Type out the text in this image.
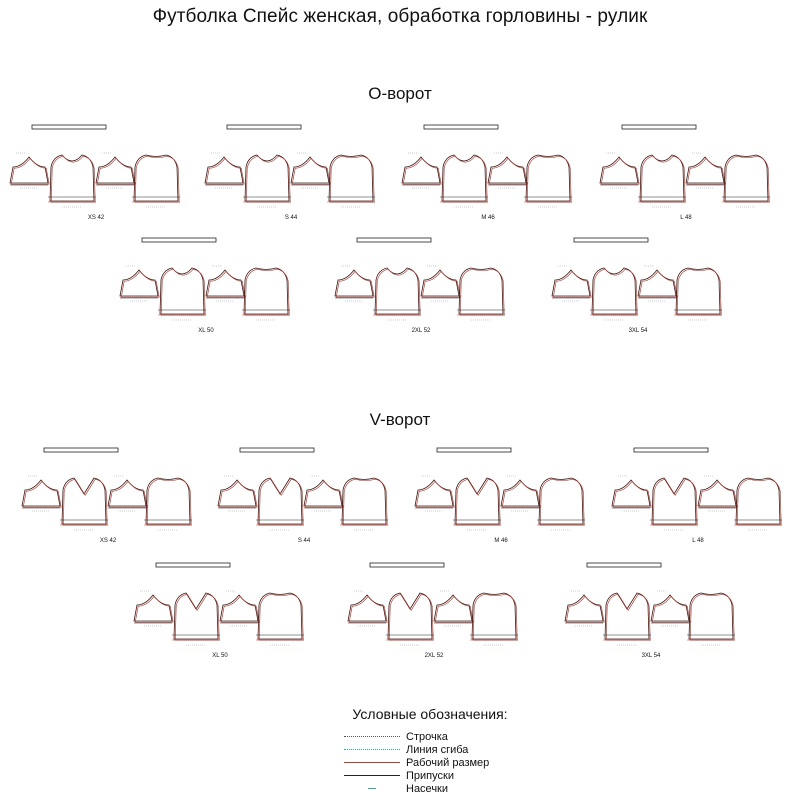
Футболка Спейс женская, обработка горловины - рулик
О-ворот
V-ворот
XS 42	S 44	M 46	L 48
XL 50	2XL 52	3XL 54
XS 42	S 44	M 46	L 48
XL 50	2XL 52	3XL 54
Условные обозначения:
Строчка
Линия сгиба
Рабочий размер
Припуски
Насечки
